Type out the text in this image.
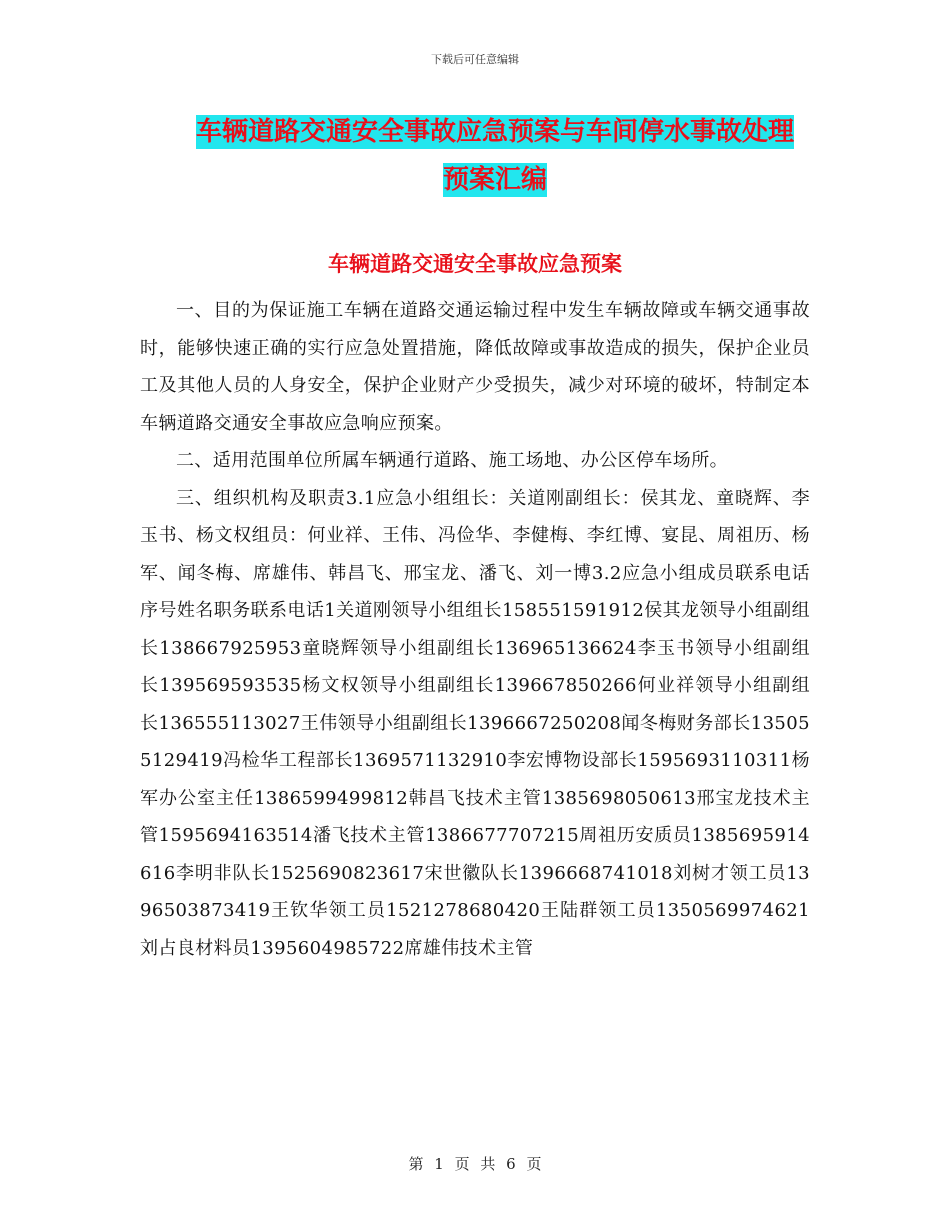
下载后可任意编辑
车辆道路交通安全事故应急预案与车间停水事故处理
预案汇编
车辆道路交通安全事故应急预案

一、目的为保证施工车辆在道路交通运输过程中发生车辆故障或车辆交通事故时，能够快速正确的实行应急处置措施，降低故障或事故造成的损失，保护企业员工及其他人员的人身安全，保护企业财产少受损失，减少对环境的破坏，特制定本车辆道路交通安全事故应急响应预案。

二、适用范围单位所属车辆通行道路、施工场地、办公区停车场所。

三、组织机构及职责3.1应急小组组长：关道刚副组长：侯其龙、童晓辉、李玉书、杨文权组员：何业祥、王伟、冯俭华、李健梅、李红博、宴昆、周祖历、杨军、闻冬梅、席雄伟、韩昌飞、邢宝龙、潘飞、刘一博3.2应急小组成员联系电话序号姓名职务联系电话1关道刚领导小组组长158551591912侯其龙领导小组副组长138667925953童晓辉领导小组副组长136965136624李玉书领导小组副组长139569593535杨文权领导小组副组长139667850266何业祥领导小组副组长136555113027王伟领导小组副组长1396667250208闻冬梅财务部长135055129419冯检华工程部长1369571132910李宏博物设部长1595693110311杨军办公室主任1386599499812韩昌飞技术主管1385698050613邢宝龙技术主管1595694163514潘飞技术主管1386677707215周祖历安质员1385695914616李明非队长1525690823617宋世徽队长1396668741018刘树才领工员1396503873419王钦华领工员1521278680420王陆群领工员1350569974621刘占良材料员1395604985722席雄伟技术主管

第 1 页 共 6 页
